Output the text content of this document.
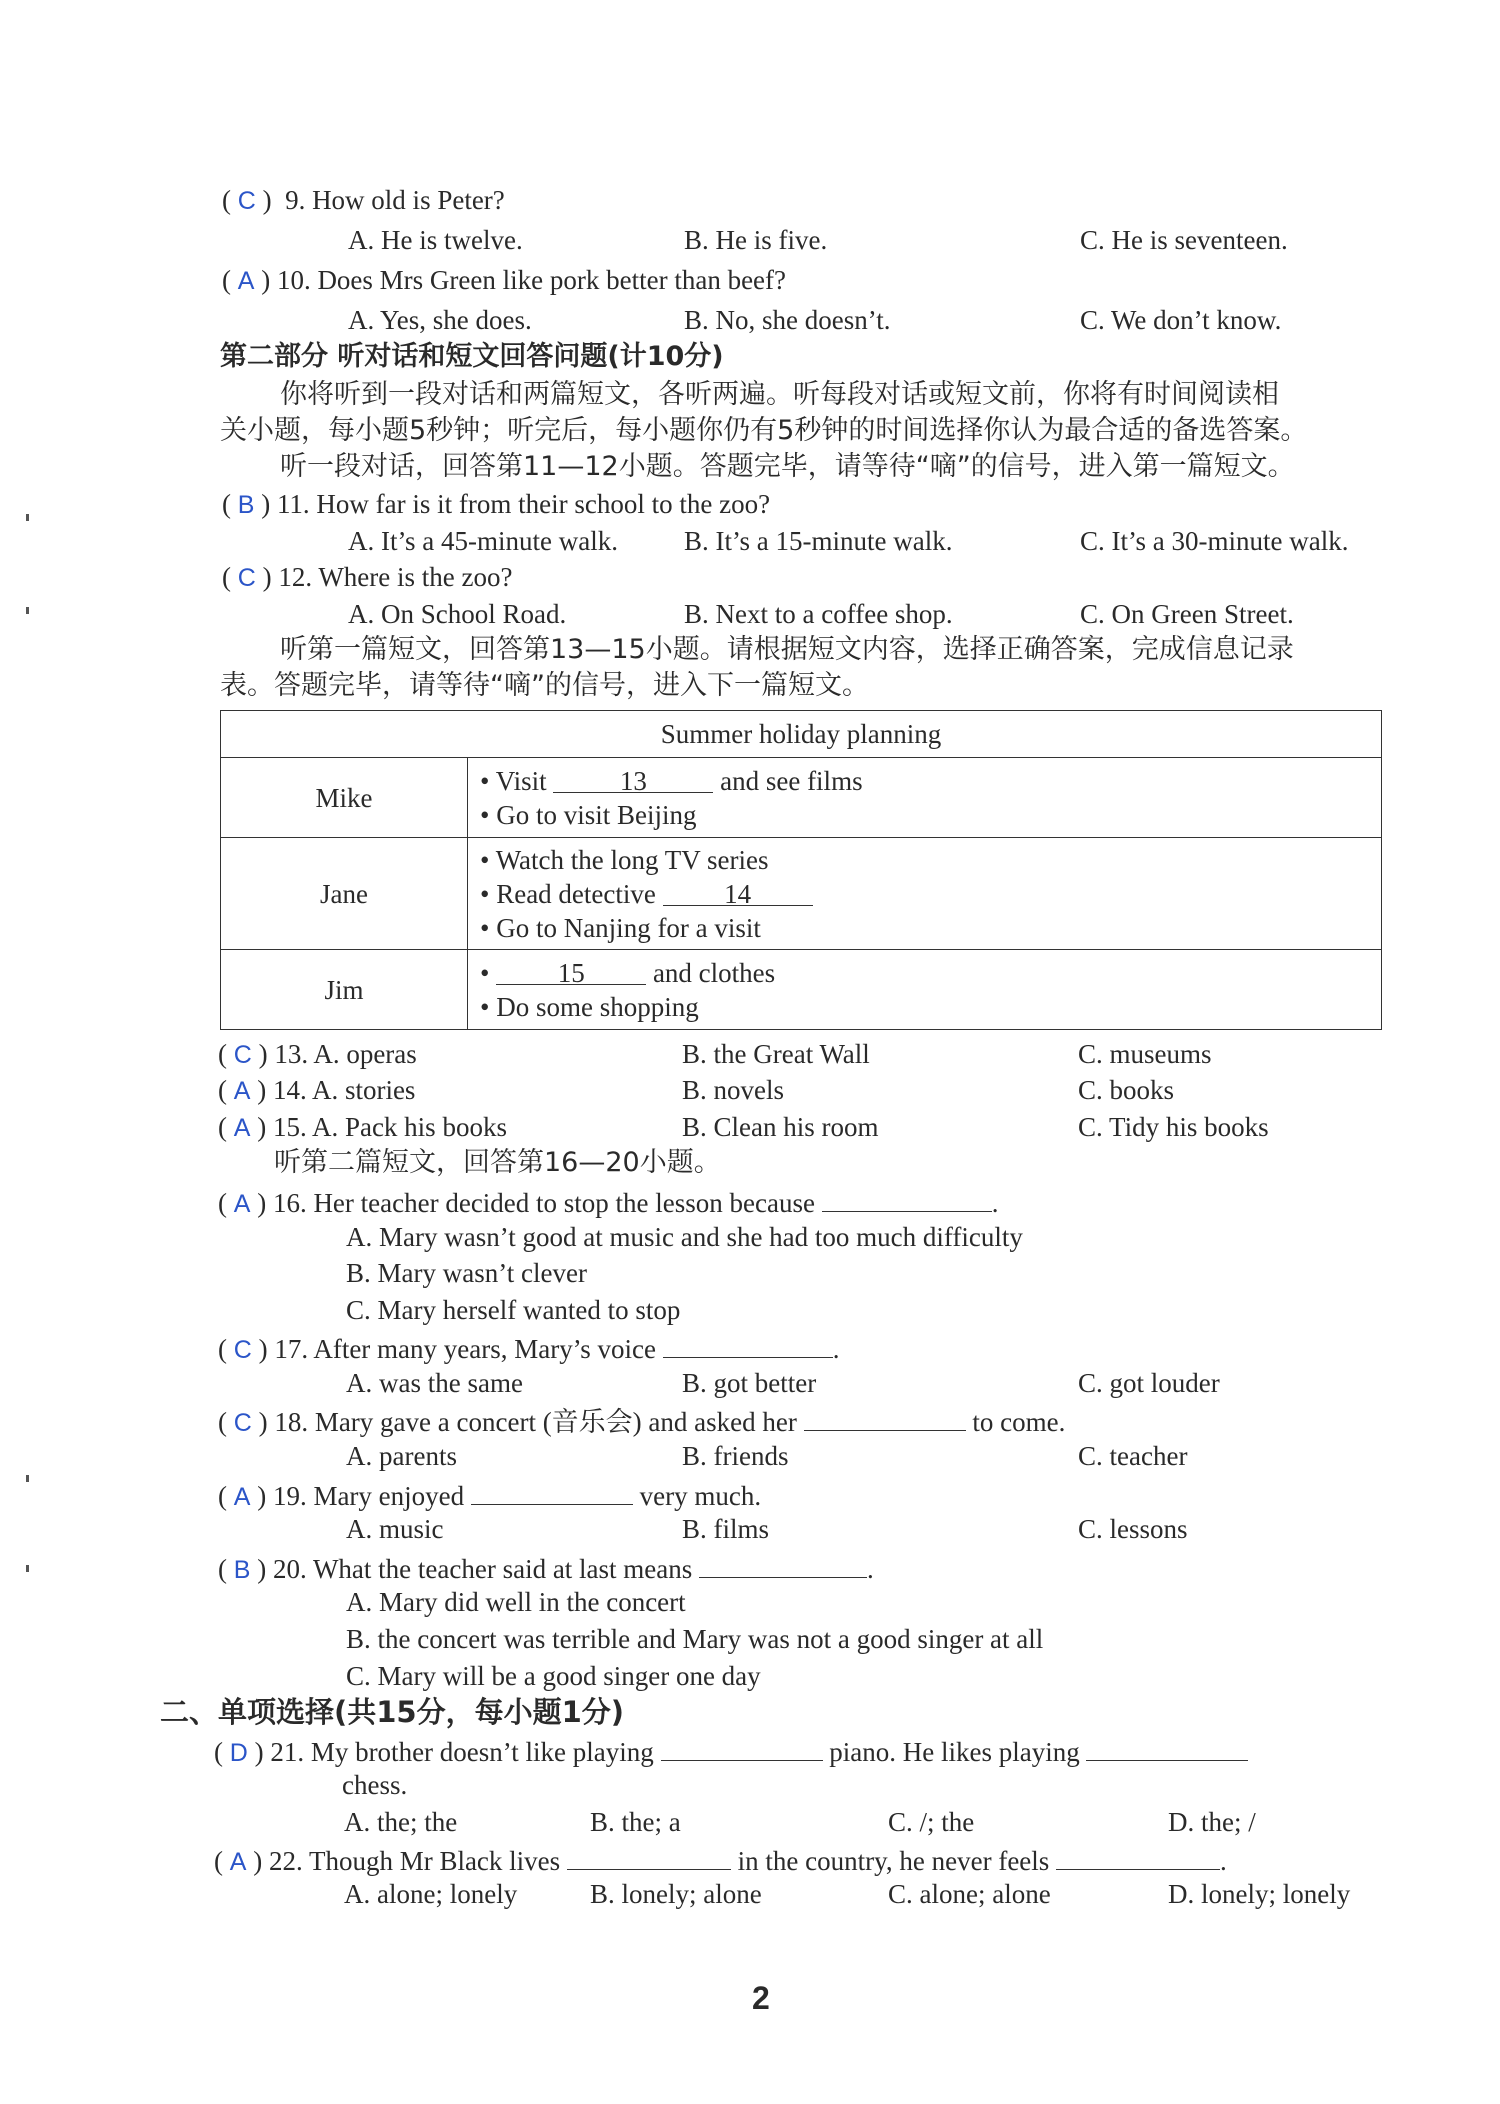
( C )  9. How old is Peter?
A. He is twelve.	B. He is five.	C. He is seventeen.
( A ) 10. Does Mrs Green like pork better than beef?
A. Yes, she does.	B. No, she doesn’t.	C. We don’t know.
第二部分 听对话和短文回答问题(计10分)
你将听到一段对话和两篇短文，各听两遍。听每段对话或短文前，你将有时间阅读相
关小题，每小题5秒钟；听完后，每小题你仍有5秒钟的时间选择你认为最合适的备选答案。
听一段对话，回答第11—12小题。答题完毕，请等待“嘀”的信号，进入第一篇短文。
( B ) 11. How far is it from their school to the zoo?
A. It’s a 45-minute walk. B. It’s a 15-minute walk.	C. It’s a 30-minute walk.
( C ) 12. Where is the zoo?
A. On School Road.	B. Next to a coffee shop.	C. On Green Street.
听第一篇短文，回答第13—15小题。请根据短文内容，选择正确答案，完成信息记录
表。答题完毕，请等待“嘀”的信号，进入下一篇短文。
Summer holiday planning	
Mike	• Visit 13 and see films
• Go to visit Beijing

Jane	• Watch the long TV series
• Read detective 14
• Go to Nanjing for a visit

Jim	• 15 and clothes
• Do some shopping
( C ) 13. A. operas	B. the Great Wall	C. museums
( A ) 14. A. stories	B. novels	C. books
( A ) 15. A. Pack his books	B. Clean his room	C. Tidy his books
听第二篇短文，回答第16—20小题。
( A ) 16. Her teacher decided to stop the lesson because	.
A. Mary wasn’t good at music and she had too much difficulty
B. Mary wasn’t clever
C. Mary herself wanted to stop
( C ) 17. After many years, Mary’s voice	.
A. was the same	B. got better	C. got louder
( C ) 18. Mary gave a concert (音乐会) and asked her	to come.
A. parents	B. friends	C. teacher
( A ) 19. Mary enjoyed	very much.
A. music	B. films	C. lessons
( B ) 20. What the teacher said at last means	.
A. Mary did well in the concert
B. the concert was terrible and Mary was not a good singer at all
C. Mary will be a good singer one day
二、单项选择(共15分，每小题1分)
( D ) 21. My brother doesn’t like playing	piano. He likes playing
chess.
A. the; the	B. the; a	C. /; the	D. the; /
( A ) 22. Though Mr Black lives	in the country, he never feels	.
A. alone; lonely	B. lonely; alone	C. alone; alone	D. lonely; lonely
2
